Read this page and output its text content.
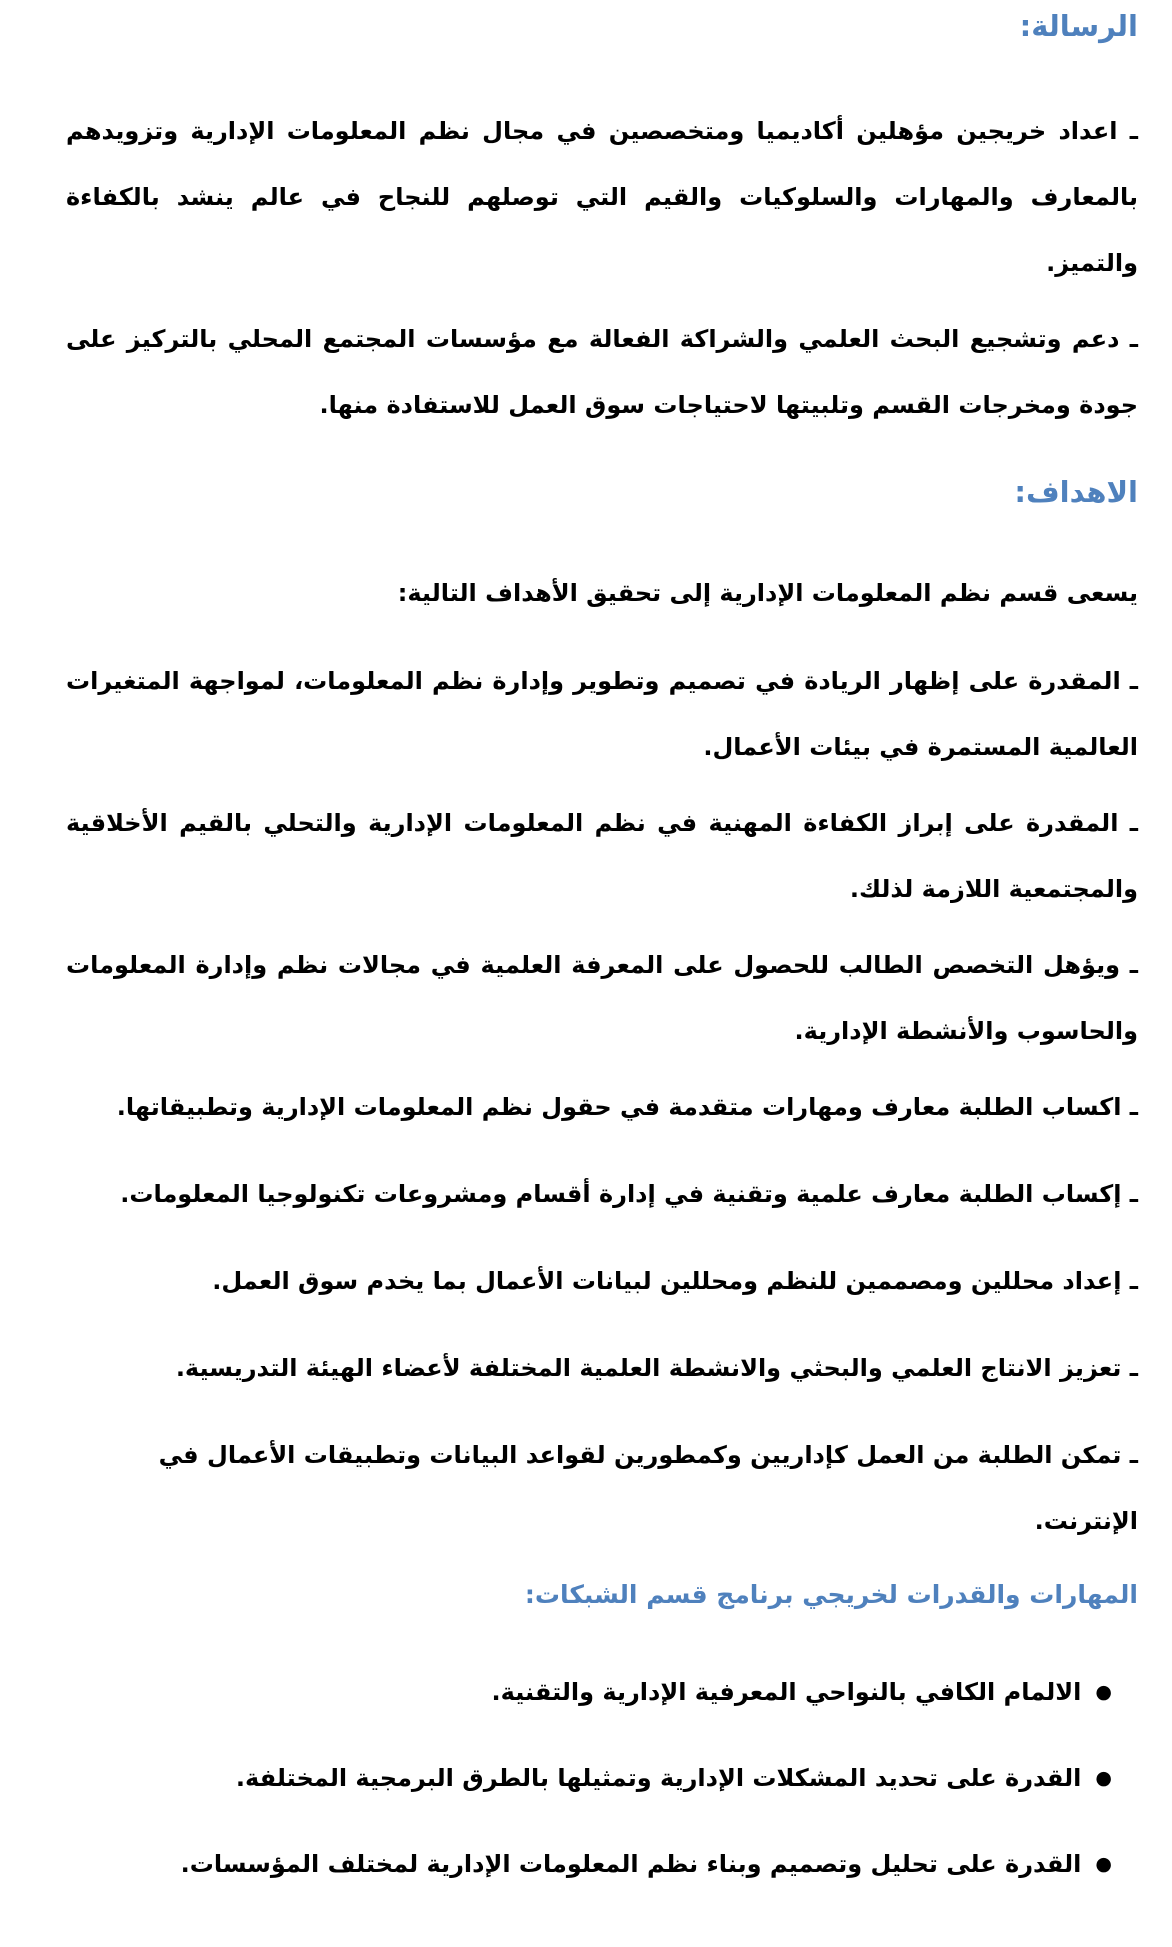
الرسالة:

ـ اعداد خريجين مؤهلين أكاديميا ومتخصصين في مجال نظم المعلومات الإدارية وتزويدهم بالمعارف والمهارات والسلوكيات والقيم التي توصلهم للنجاح في عالم ينشد بالكفاءة والتميز.

ـ دعم وتشجيع البحث العلمي والشراكة الفعالة مع مؤسسات المجتمع المحلي بالتركيز على جودة ومخرجات القسم وتلبيتها لاحتياجات سوق العمل للاستفادة منها.

الاهداف:

يسعى قسم نظم المعلومات الإدارية إلى تحقيق الأهداف التالية:

ـ المقدرة على إظهار الريادة في تصميم وتطوير وإدارة نظم المعلومات، لمواجهة المتغيرات العالمية المستمرة في بيئات الأعمال.

ـ المقدرة على إبراز الكفاءة المهنية في نظم المعلومات الإدارية والتحلي بالقيم الأخلاقية والمجتمعية اللازمة لذلك.

ـ ويؤهل التخصص الطالب للحصول على المعرفة العلمية في مجالات نظم وإدارة المعلومات والحاسوب والأنشطة الإدارية.

ـ اكساب الطلبة معارف ومهارات متقدمة في حقول نظم المعلومات الإدارية وتطبيقاتها.

ـ إكساب الطلبة معارف علمية وتقنية في إدارة أقسام ومشروعات تكنولوجيا المعلومات.

ـ إعداد محللين ومصممين للنظم ومحللين لبيانات الأعمال بما يخدم سوق العمل.

ـ تعزيز الانتاج العلمي والبحثي والانشطة العلمية المختلفة لأعضاء الهيئة التدريسية.

ـ تمكن الطلبة من العمل كإداريين وكمطورين لقواعد البيانات وتطبيقات الأعمال في الإنترنت.

المهارات والقدرات لخريجي برنامج قسم الشبكات:
●
الالمام الكافي بالنواحي المعرفية الإدارية والتقنية.
●
القدرة على تحديد المشكلات الإدارية وتمثيلها بالطرق البرمجية المختلفة.
●
القدرة على تحليل وتصميم وبناء نظم المعلومات الإدارية لمختلف المؤسسات.
